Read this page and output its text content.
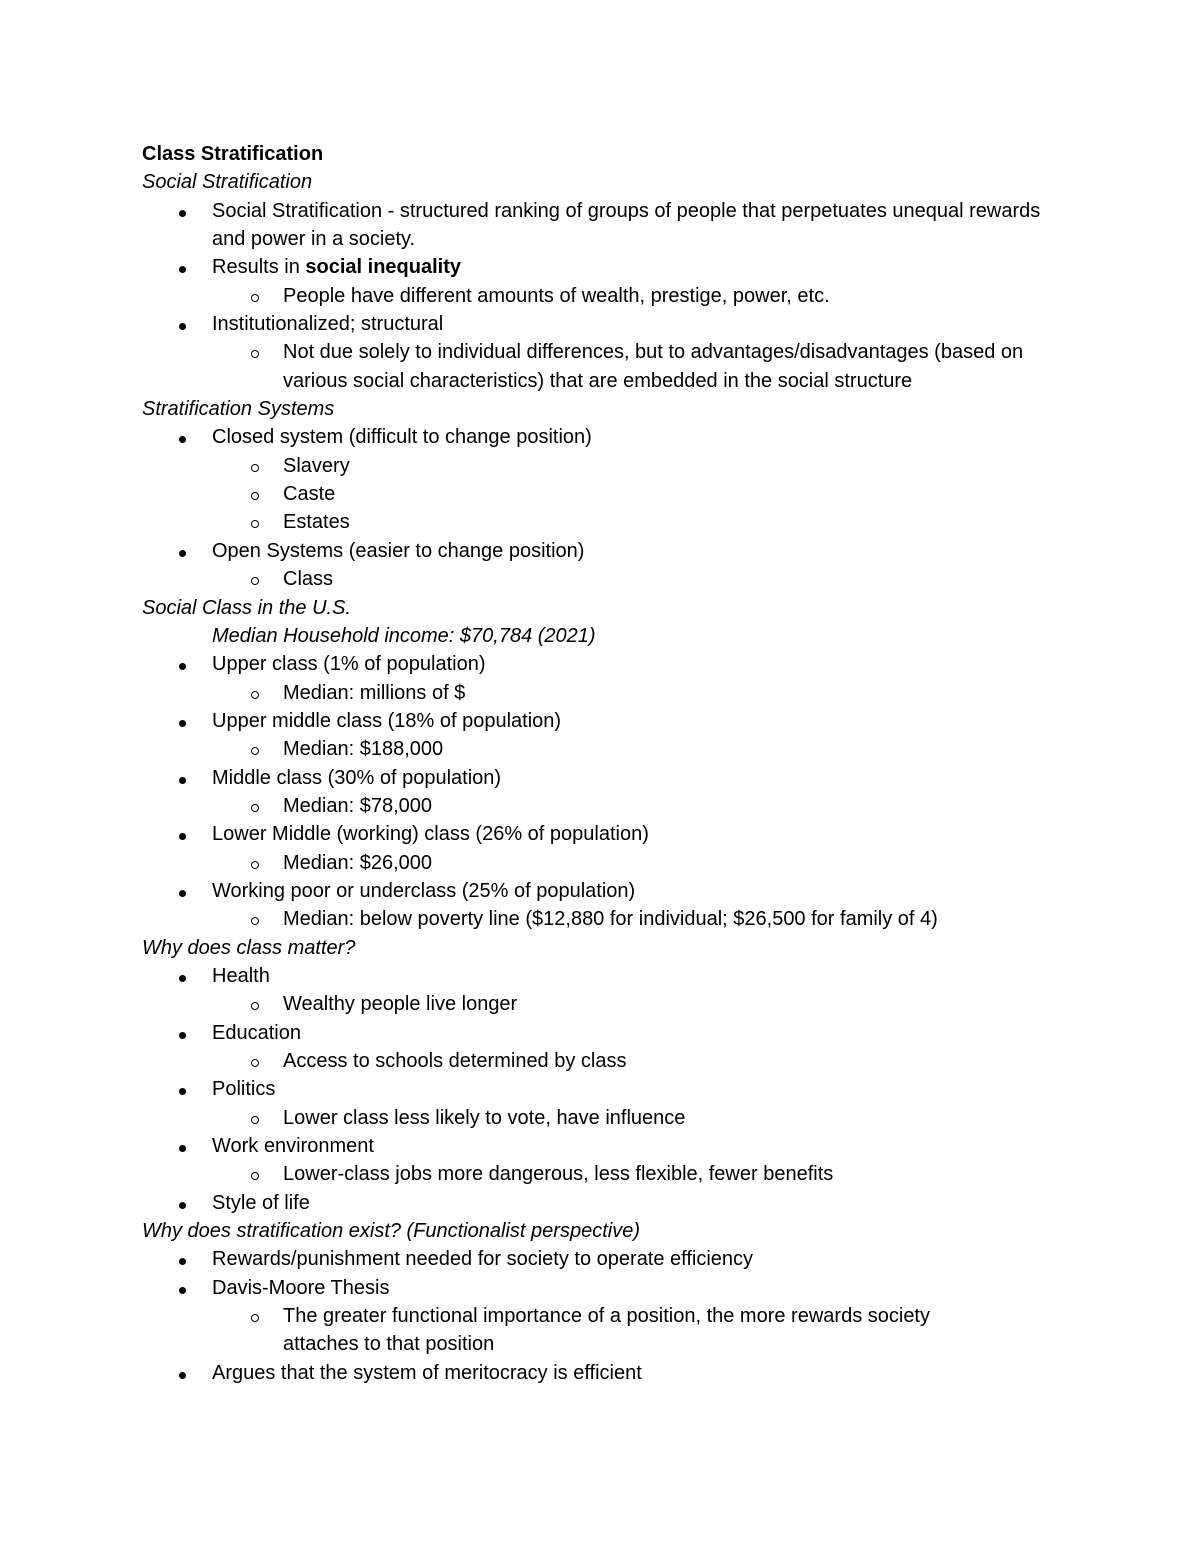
Class Stratification
Social Stratification
Social Stratification - structured ranking of groups of people that perpetuates unequal rewards and power in a society.
Results in social inequality
People have different amounts of wealth, prestige, power, etc.
Institutionalized; structural
Not due solely to individual differences, but to advantages/disadvantages (based on various social characteristics) that are embedded in the social structure
Stratification Systems
Closed system (difficult to change position)
Slavery
Caste
Estates
Open Systems (easier to change position)
Class
Social Class in the U.S.
Median Household income: $70,784 (2021)
Upper class (1% of population)
Median: millions of $
Upper middle class (18% of population)
Median: $188,000
Middle class (30% of population)
Median: $78,000
Lower Middle (working) class (26% of population)
Median: $26,000
Working poor or underclass (25% of population)
Median: below poverty line ($12,880 for individual; $26,500 for family of 4)
Why does class matter?
Health
Wealthy people live longer
Education
Access to schools determined by class
Politics
Lower class less likely to vote, have influence
Work environment
Lower-class jobs more dangerous, less flexible, fewer benefits
Style of life
Why does stratification exist? (Functionalist perspective)
Rewards/punishment needed for society to operate efficiency
Davis-Moore Thesis
The greater functional importance of a position, the more rewards society attaches to that position
Argues that the system of meritocracy is efficient
